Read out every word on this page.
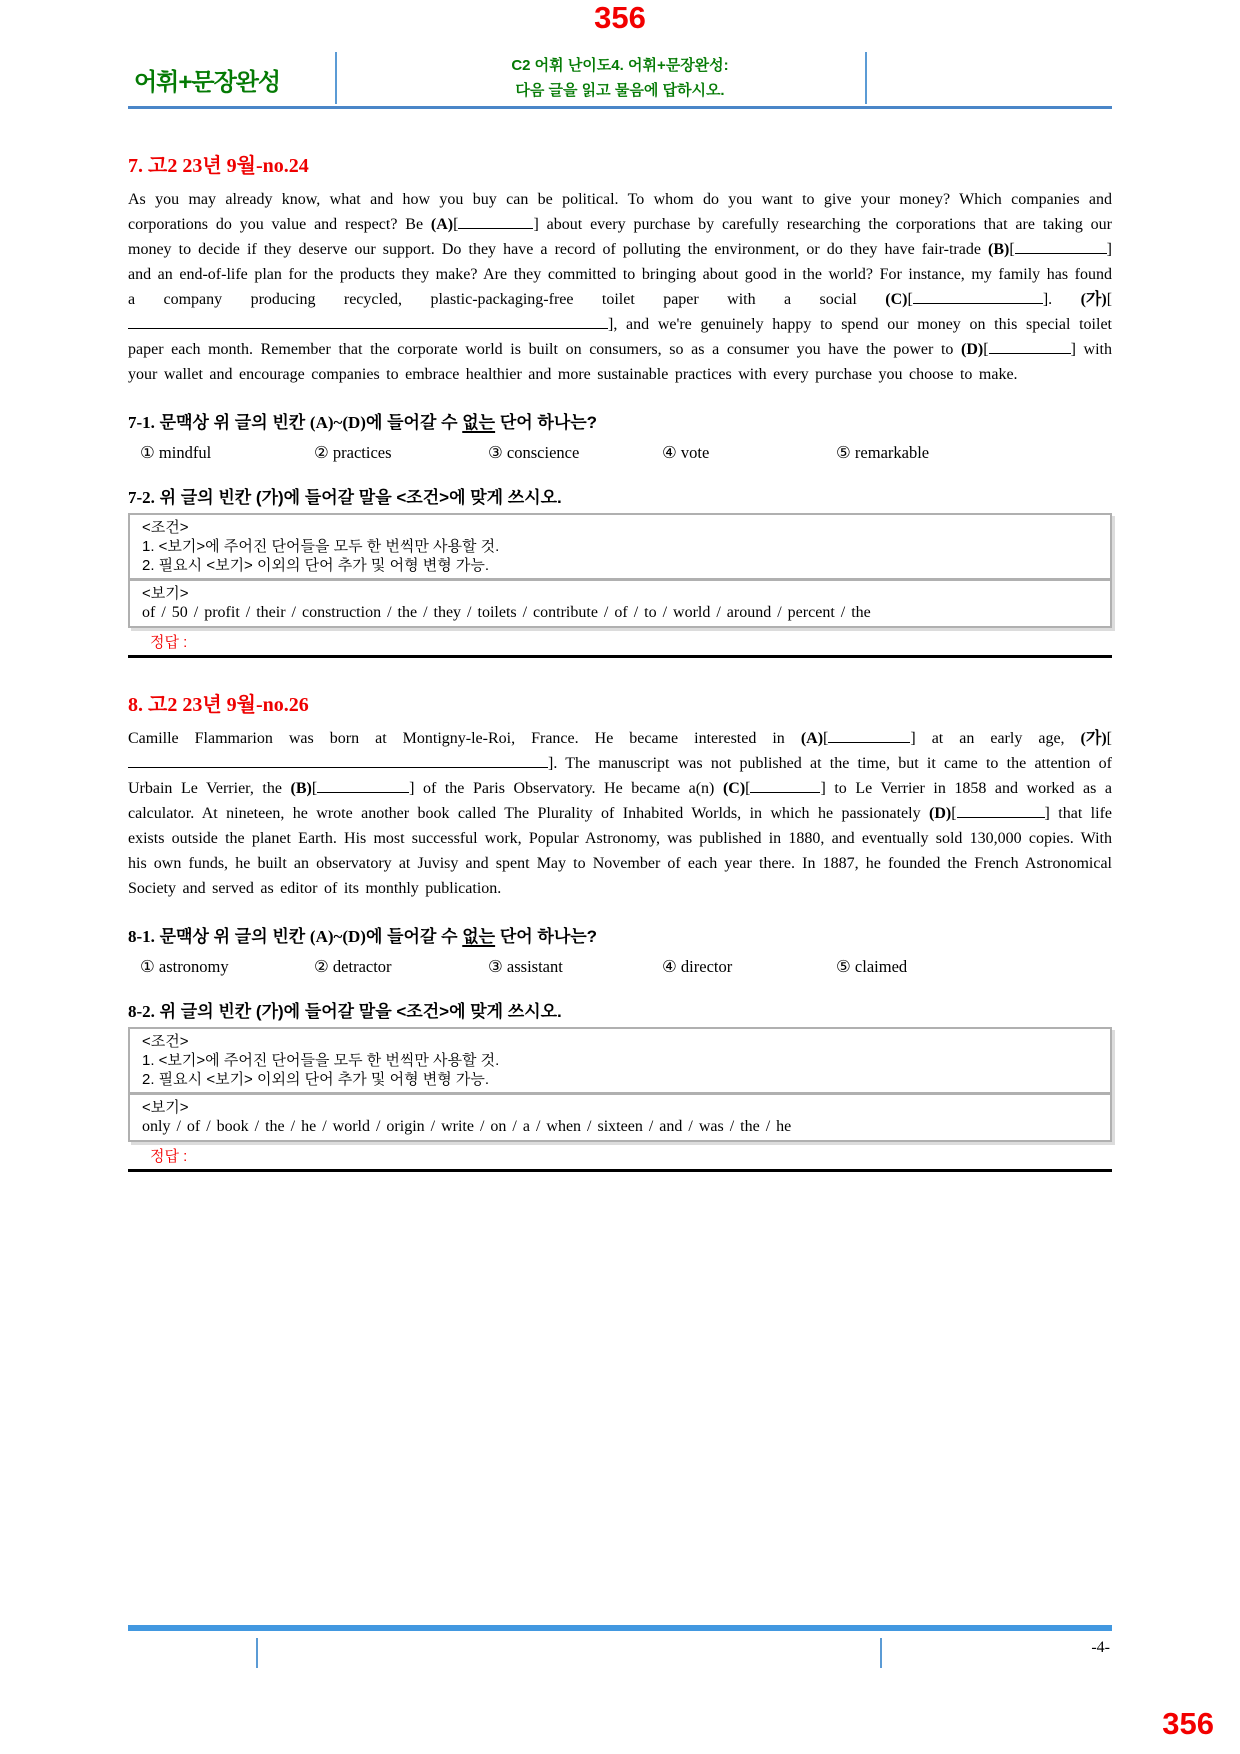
356
어휘+문장완성
C2 어휘 난이도4. 어휘+문장완성:
다음 글을 읽고 물음에 답하시오.
7. 고2 23년 9월-no.24
As you may already know, what and how you buy can be political. To whom do you want to give your money? Which companies and corporations do you value and respect? Be (A)[	] about every purchase by carefully researching the corporations that are taking our money to decide if they deserve our support. Do they have a record of polluting the environment, or do they have fair-trade (B)[	] and an end-of-life plan for the products they make? Are they committed to bringing about good in the world? For instance, my family has found a company producing recycled, plastic-packaging-free toilet paper with a social (C)[	]. (가)[], and we're genuinely happy to spend our money on this special toilet paper each month. Remember that the corporate world is built on consumers, so as a consumer you have the power to (D)[	] with your wallet and encourage companies to embrace healthier and more sustainable practices with every purchase you choose to make.
7-1. 문맥상 위 글의 빈칸 (A)~(D)에 들어갈 수 없는 단어 하나는?
① mindful	② practices	③ conscience	④ vote	⑤ remarkable
7-2. 위 글의 빈칸 (가)에 들어갈 말을 <조건>에 맞게 쓰시오.
<조건>
1. <보기>에 주어진 단어들을 모두 한 번씩만 사용할 것.
2. 필요시 <보기> 이외의 단어 추가 및 어형 변형 가능.
<보기>
of / 50 / profit / their / construction / the / they / toilets / contribute / of / to / world / around / percent / the
정답 :
8. 고2 23년 9월-no.26
Camille Flammarion was born at Montigny-le-Roi, France. He became interested in (A)[	] at an early age, (가)[]. The manuscript was not published at the time, but it came to the attention of Urbain Le Verrier, the (B)[	] of the Paris Observatory. He became a(n) (C)[	] to Le Verrier in 1858 and worked as a calculator. At nineteen, he wrote another book called The Plurality of Inhabited Worlds, in which he passionately (D)[	] that life exists outside the planet Earth. His most successful work, Popular Astronomy, was published in 1880, and eventually sold 130,000 copies. With his own funds, he built an observatory at Juvisy and spent May to November of each year there. In 1887, he founded the French Astronomical Society and served as editor of its monthly publication.
8-1. 문맥상 위 글의 빈칸 (A)~(D)에 들어갈 수 없는 단어 하나는?
① astronomy	② detractor	③ assistant	④ director	⑤ claimed
8-2. 위 글의 빈칸 (가)에 들어갈 말을 <조건>에 맞게 쓰시오.
<조건>
1. <보기>에 주어진 단어들을 모두 한 번씩만 사용할 것.
2. 필요시 <보기> 이외의 단어 추가 및 어형 변형 가능.
<보기>
only / of / book / the / he / world / origin / write / on / a / when / sixteen / and / was / the / he
정답 :
-4-
356
